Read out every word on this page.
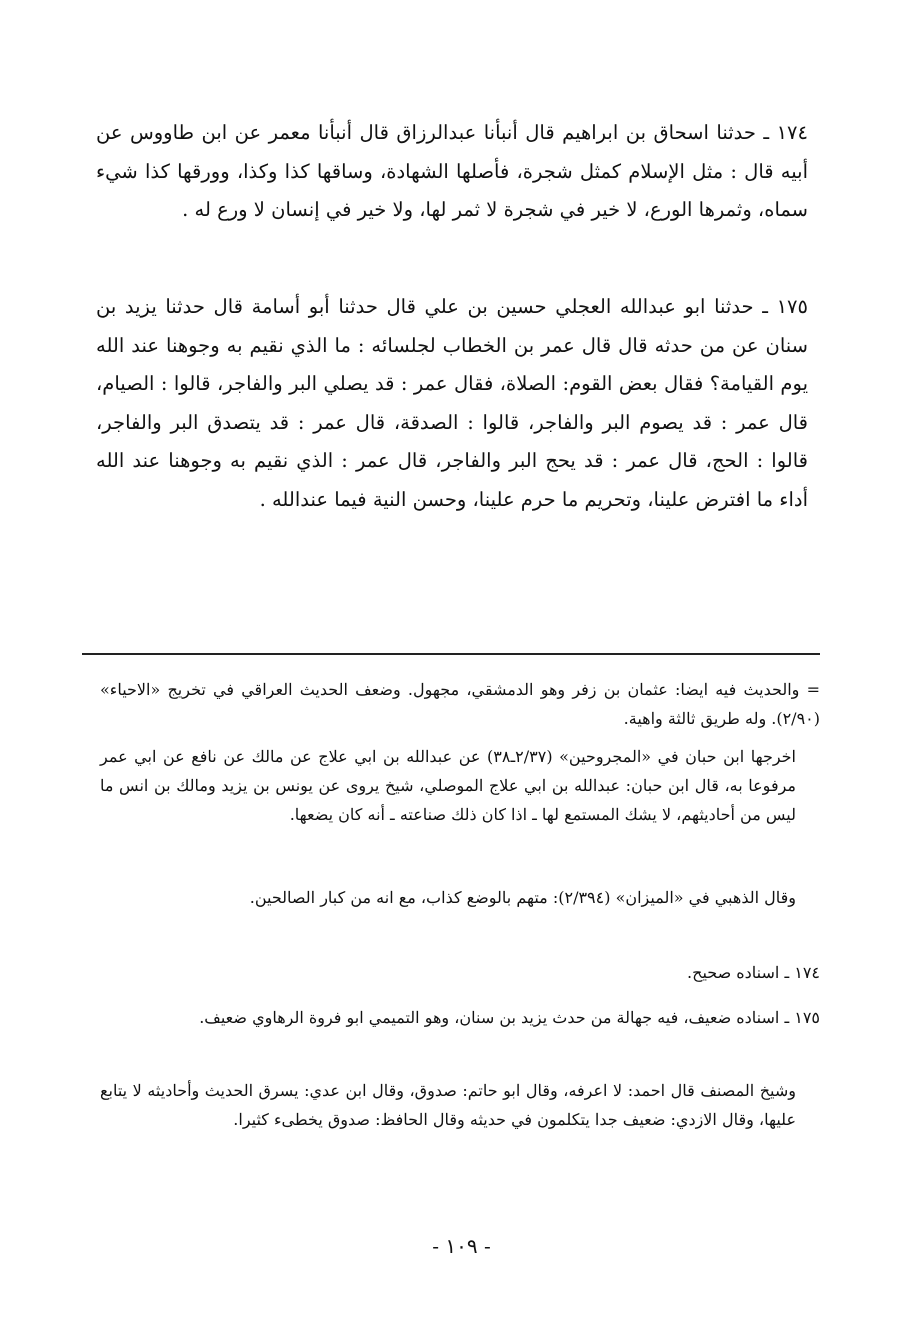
١٧٤ ـ حدثنا اسحاق بن ابراهيم قال أنبأنا عبدالرزاق قال أنبأنا معمر عن ابن طاووس عن أبيه قال : مثل الإسلام كمثل شجرة، فأصلها الشهادة، وساقها كذا وكذا، وورقها كذا شيء سماه، وثمرها الورع، لا خير في شجرة لا ثمر لها، ولا خير في إنسان لا ورع له .

١٧٥ ـ حدثنا ابو عبدالله العجلي حسين بن علي قال حدثنا أبو أسامة قال حدثنا يزيد بن سنان عن من حدثه قال قال عمر بن الخطاب لجلسائه : ما الذي نقيم به وجوهنا عند الله يوم القيامة؟ فقال بعض القوم: الصلاة، فقال عمر : قد يصلي البر والفاجر، قالوا : الصيام، قال عمر : قد يصوم البر والفاجر، قالوا : الصدقة، قال عمر : قد يتصدق البر والفاجر، قالوا : الحج، قال عمر : قد يحج البر والفاجر، قال عمر : الذي نقيم به وجوهنا عند الله أداء ما افترض علينا، وتحريم ما حرم علينا، وحسن النية فيما عندالله .

= والحديث فيه ايضا: عثمان بن زفر وهو الدمشقي، مجهول. وضعف الحديث العراقي في تخريج «الاحياء» (٢/٩٠). وله طريق ثالثة واهية.

اخرجها ابن حبان في «المجروحين» (٢/٣٧ـ٣٨) عن عبدالله بن ابي علاج عن مالك عن نافع عن ابي عمر مرفوعا به، قال ابن حبان: عبدالله بن ابي علاج الموصلي، شيخ يروى عن يونس بن يزيد ومالك بن انس ما ليس من أحاديثهم، لا يشك المستمع لها ـ اذا كان ذلك صناعته ـ أنه كان يضعها.

وقال الذهبي في «الميزان» (٢/٣٩٤): متهم بالوضع كذاب، مع انه من كبار الصالحين.

١٧٤ ـ اسناده صحيح.

١٧٥ ـ اسناده ضعيف، فيه جهالة من حدث يزيد بن سنان، وهو التميمي ابو فروة الرهاوي ضعيف.

وشيخ المصنف قال احمد: لا اعرفه، وقال ابو حاتم: صدوق، وقال ابن عدي: يسرق الحديث وأحاديثه لا يتابع عليها، وقال الازدي: ضعيف جدا يتكلمون في حديثه وقال الحافظ: صدوق يخطىء كثيرا.

- ١٠٩ -
